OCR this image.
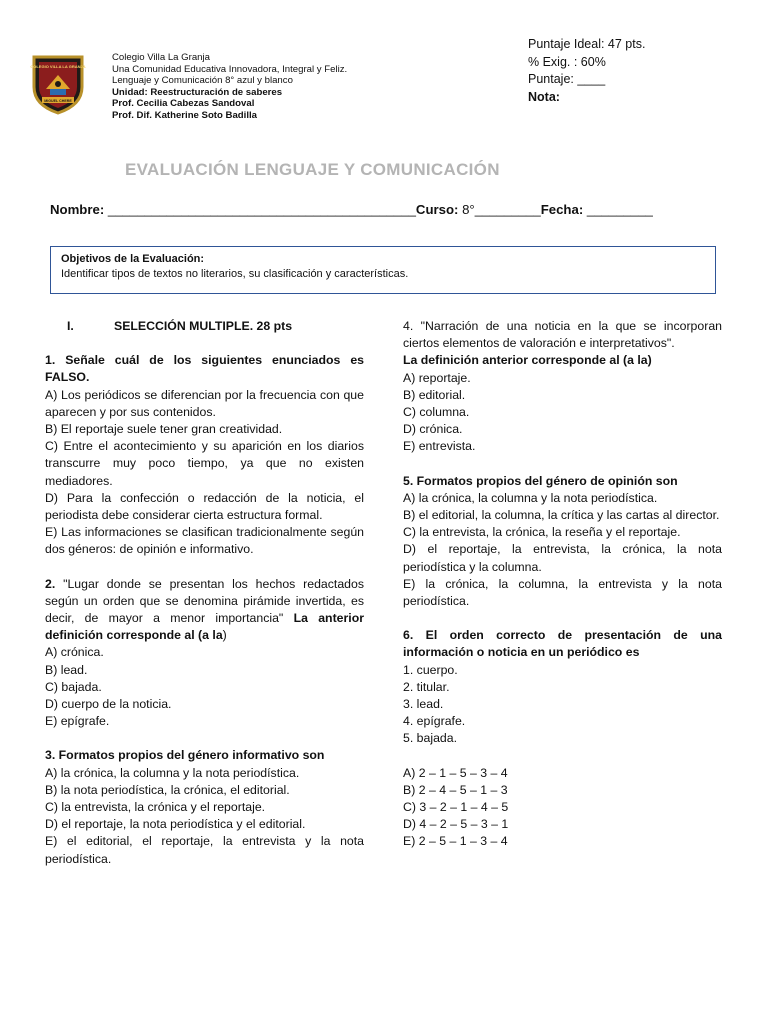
COLEGIO VILLA LA GRANJA
MIGUEL CHERE
Colegio Villa La Granja
Una Comunidad Educativa Innovadora, Integral y Feliz.
Lenguaje y Comunicación 8° azul y blanco
Unidad: Reestructuración de saberes
Prof. Cecilia Cabezas Sandoval
Prof. Dif. Katherine Soto Badilla
Puntaje Ideal: 47 pts.
% Exig. : 60%
Puntaje: ____
Nota:
EVALUACIÓN LENGUAJE Y COMUNICACIÓN
Nombre: __________________________________________Curso: 8°_________Fecha: _________
Objetivos de la Evaluación:
Identificar tipos de textos no literarios, su clasificación y características.
I.	SELECCIÓN MULTIPLE. 28 pts

1. Señale cuál de los siguientes enunciados es FALSO.

A) Los periódicos se diferencian por la frecuencia con que aparecen y por sus contenidos.

B) El reportaje suele tener gran creatividad.

C) Entre el acontecimiento y su aparición en los diarios transcurre muy poco tiempo, ya que no existen mediadores.

D) Para la confección o redacción de la noticia, el periodista debe considerar cierta estructura formal.

E) Las informaciones se clasifican tradicionalmente según dos géneros: de opinión e informativo.

2. "Lugar donde se presentan los hechos redactados según un orden que se denomina pirámide invertida, es decir, de mayor a menor importancia" La anterior definición corresponde al (a la)

A) crónica.

B) lead.

C) bajada.

D) cuerpo de la noticia.

E) epígrafe.

3. Formatos propios del género informativo son

A) la crónica, la columna y la nota periodística.

B) la nota periodística, la crónica, el editorial.

C) la entrevista, la crónica y el reportaje.

D) el reportaje, la nota periodística y el editorial.

E) el editorial, el reportaje, la entrevista y la nota periodística.

4. "Narración de una noticia en la que se incorporan ciertos elementos de valoración e interpretativos".

La definición anterior corresponde al (a la)

A) reportaje.

B) editorial.

C) columna.

D) crónica.

E) entrevista.

5. Formatos propios del género de opinión son

A) la crónica, la columna y la nota periodística.

B) el editorial, la columna, la crítica y las cartas al director.

C) la entrevista, la crónica, la reseña y el reportaje.

D) el reportaje, la entrevista, la crónica, la nota periodística y la columna.

E) la crónica, la columna, la entrevista y la nota periodística.

6. El orden correcto de presentación de una información o noticia en un periódico es

1. cuerpo.

2. titular.

3. lead.

4. epígrafe.

5. bajada.

A) 2 – 1 – 5 – 3 – 4

B) 2 – 4 – 5 – 1 – 3

C) 3 – 2 – 1 – 4 – 5

D) 4 – 2 – 5 – 3 – 1

E) 2 – 5 – 1 – 3 – 4
